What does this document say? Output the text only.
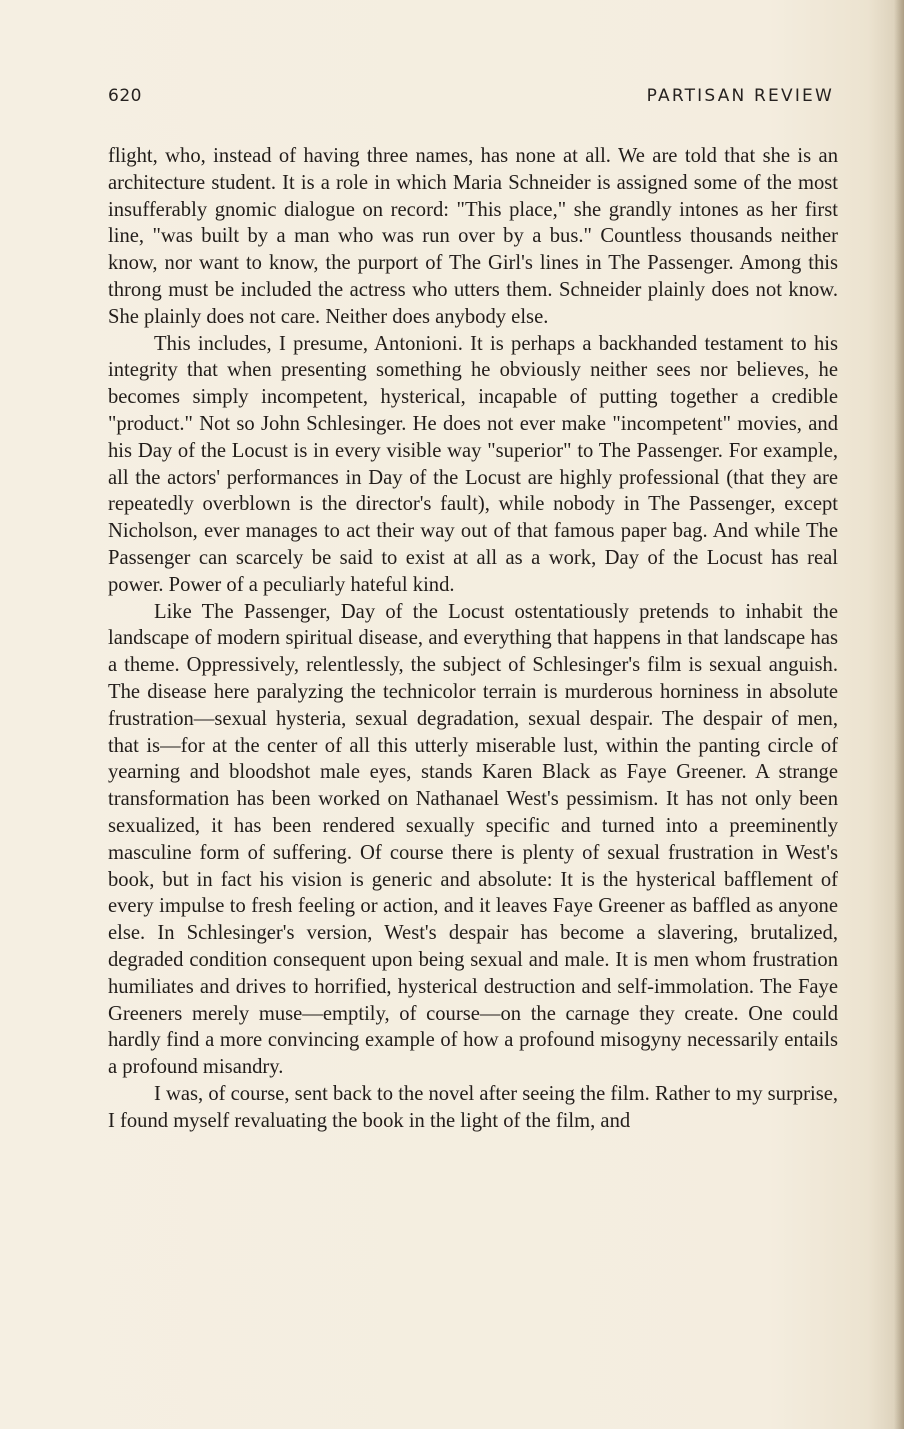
620	PARTISAN REVIEW

flight, who, instead of having three names, has none at all. We are told that she is an architecture student. It is a role in which Maria Schneider is assigned some of the most insufferably gnomic dialogue on record: "This place," she grandly intones as her first line, "was built by a man who was run over by a bus." Countless thousands neither know, nor want to know, the purport of The Girl's lines in The Passenger. Among this throng must be included the actress who utters them. Schneider plainly does not know. She plainly does not care. Neither does anybody else.

This includes, I presume, Antonioni. It is perhaps a backhanded testament to his integrity that when presenting something he obviously neither sees nor believes, he becomes simply incompetent, hysterical, incapable of putting together a credible "product." Not so John Schlesinger. He does not ever make "incompetent" movies, and his Day of the Locust is in every visible way "superior" to The Passenger. For example, all the actors' performances in Day of the Locust are highly professional (that they are repeatedly overblown is the director's fault), while nobody in The Passenger, except Nicholson, ever manages to act their way out of that famous paper bag. And while The Passenger can scarcely be said to exist at all as a work, Day of the Locust has real power. Power of a peculiarly hateful kind.

Like The Passenger, Day of the Locust ostentatiously pretends to inhabit the landscape of modern spiritual disease, and everything that happens in that landscape has a theme. Oppressively, relentlessly, the subject of Schlesinger's film is sexual anguish. The disease here paralyzing the technicolor terrain is murderous horniness in absolute frustration—sexual hysteria, sexual degradation, sexual despair. The despair of men, that is—for at the center of all this utterly miserable lust, within the panting circle of yearning and bloodshot male eyes, stands Karen Black as Faye Greener. A strange transformation has been worked on Nathanael West's pessimism. It has not only been sexualized, it has been rendered sexually specific and turned into a preeminently masculine form of suffering. Of course there is plenty of sexual frustration in West's book, but in fact his vision is generic and absolute: It is the hysterical bafflement of every impulse to fresh feeling or action, and it leaves Faye Greener as baffled as anyone else. In Schlesinger's version, West's despair has become a slavering, brutalized, degraded condition consequent upon being sexual and male. It is men whom frustration humiliates and drives to horrified, hysterical destruction and self-immolation. The Faye Greeners merely muse—emptily, of course—on the carnage they create. One could hardly find a more convincing example of how a profound misogyny necessarily entails a profound misandry.

I was, of course, sent back to the novel after seeing the film. Rather to my surprise, I found myself revaluating the book in the light of the film, and
